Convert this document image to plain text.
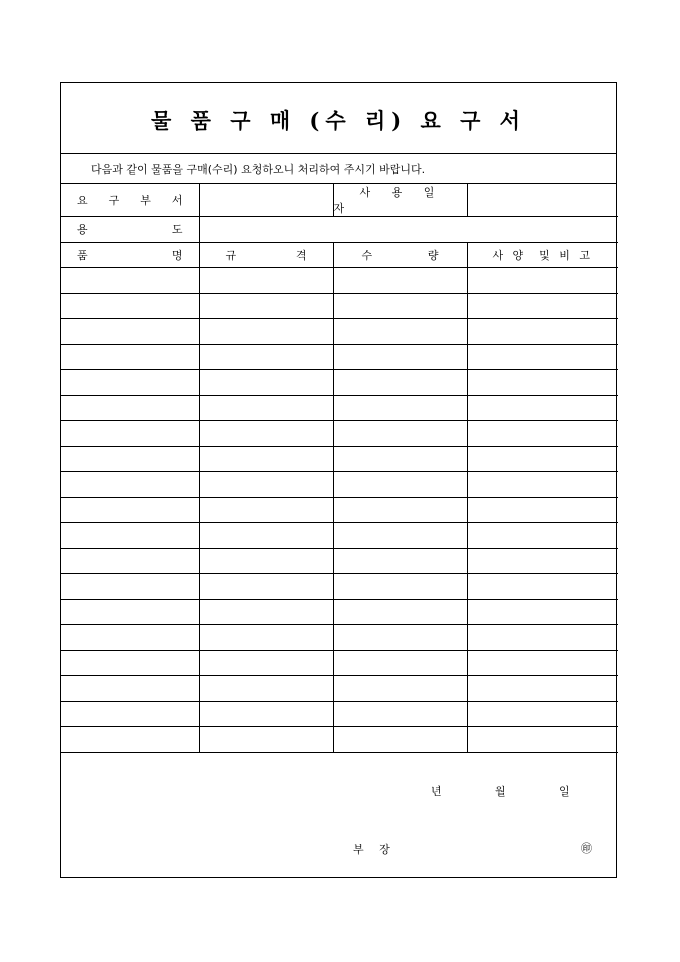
물 품 구 매 (수 리) 요 구 서
다음과 같이 물품을 구매(수리) 요청하오니 처리하여 주시기 바랍니다.
요 구 부 서		사 용 일 자	

용 도			

품 명	규 격	수 량	사 양  및 비 고

년	월	일
부 장	㊞
